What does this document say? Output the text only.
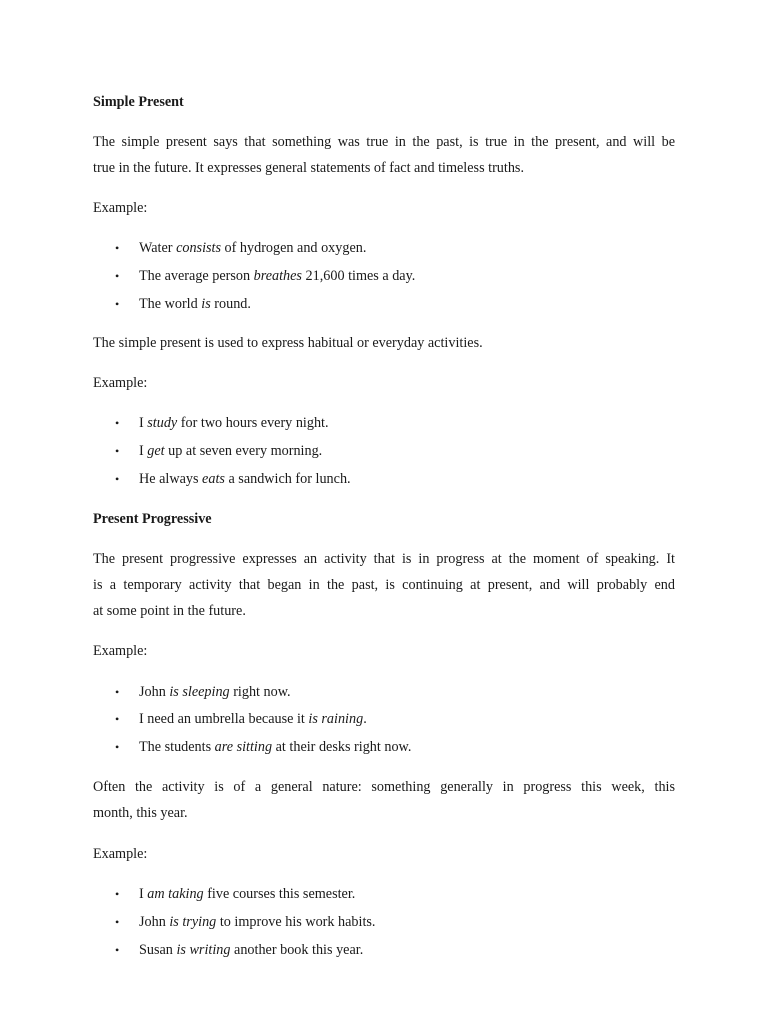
Simple Present
The simple present says that something was true in the past, is true in the present, and will be
true in the future. It expresses general statements of fact and timeless truths.
Example:
• Water consists of hydrogen and oxygen.
• The average person breathes 21,600 times a day.
• The world is round.
The simple present is used to express habitual or everyday activities.
Example:
• I study for two hours every night.
• I get up at seven every morning.
• He always eats a sandwich for lunch.
Present Progressive
The present progressive expresses an activity that is in progress at the moment of speaking. It
is a temporary activity that began in the past, is continuing at present, and will probably end
at some point in the future.
Example:
• John is sleeping right now.
• I need an umbrella because it is raining.
• The students are sitting at their desks right now.
Often the activity is of a general nature: something generally in progress this week, this
month, this year.
Example:
• I am taking five courses this semester.
• John is trying to improve his work habits.
• Susan is writing another book this year.
